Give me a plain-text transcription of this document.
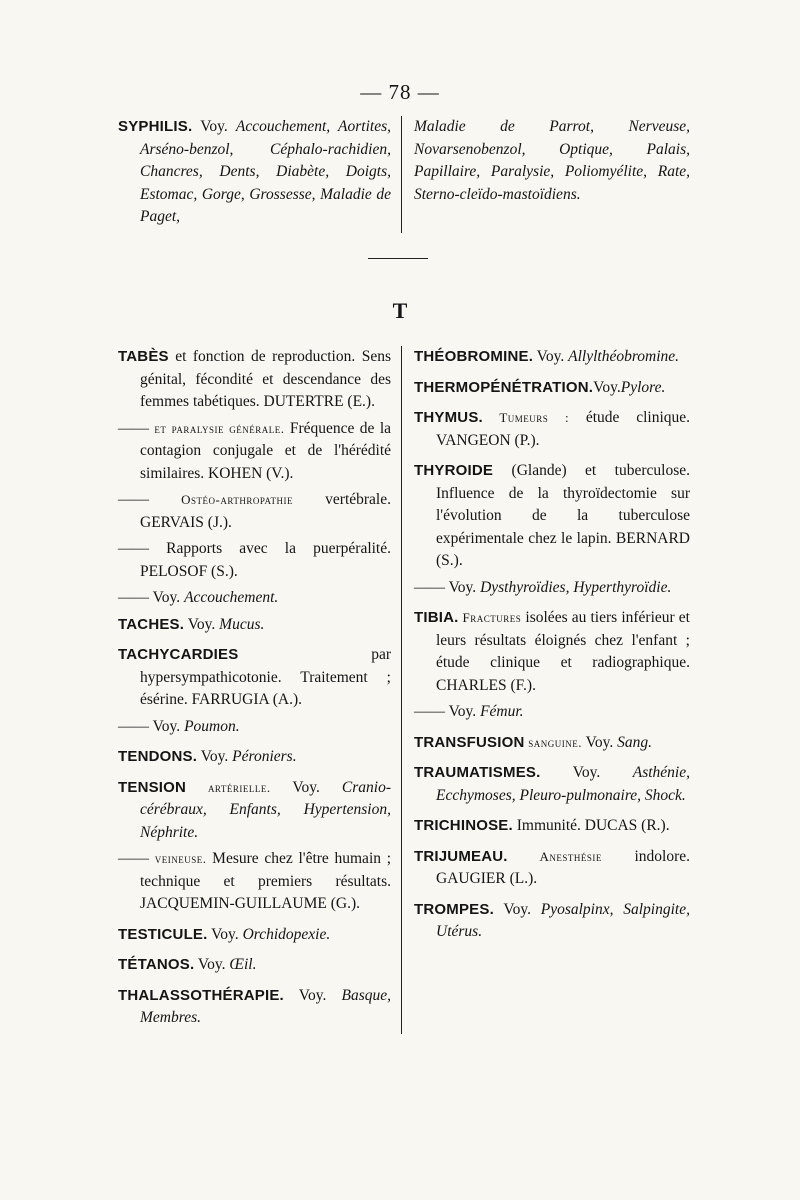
— 78 —
SYPHILIS. Voy. Accouchement, Aortites, Arséno-benzol, Céphalo-rachidien, Chancres, Dents, Diabète, Doigts, Estomac, Gorge, Grossesse, Maladie de Paget,
Maladie de Parrot, Nerveuse, Novarsenobenzol, Optique, Palais, Papillaire, Paralysie, Poliomyélite, Rate, Sterno-cleïdo-mastoïdiens.
T
TABÈS et fonction de reproduction. Sens génital, fécondité et descendance des femmes tabétiques. DUTERTRE (E.).
—— et paralysie générale. Fréquence de la contagion conjugale et de l'hérédité similaires. KOHEN (V.).
—— Ostéo-arthropathie vertébrale. GERVAIS (J.).
—— Rapports avec la puerpéralité. PELOSOF (S.).
—— Voy. Accouchement.
TACHES. Voy. Mucus.
TACHYCARDIES par hypersympathicotonie. Traitement ; ésérine. FARRUGIA (A.).
—— Voy. Poumon.
TENDONS. Voy. Péroniers.
TENSION artérielle. Voy. Cranio-cérébraux, Enfants, Hypertension, Néphrite.
—— veineuse. Mesure chez l'être humain ; technique et premiers résultats. JACQUEMIN-GUILLAUME (G.).
TESTICULE. Voy. Orchidopexie.
TÉTANOS. Voy. Œil.
THALASSOTHÉRAPIE. Voy. Basque, Membres.
THÉOBROMINE. Voy. Allylthéobromine.
THERMOPÉNÉTRATION.Voy.Pylore.
THYMUS. Tumeurs : étude clinique. VANGEON (P.).
THYROIDE (Glande) et tuberculose. Influence de la thyroïdectomie sur l'évolution de la tuberculose expérimentale chez le lapin. BERNARD (S.).
—— Voy. Dysthyroïdies, Hyperthyroïdie.
TIBIA. Fractures isolées au tiers inférieur et leurs résultats éloignés chez l'enfant ; étude clinique et radiographique. CHARLES (F.).
—— Voy. Fémur.
TRANSFUSION sanguine. Voy. Sang.
TRAUMATISMES. Voy. Asthénie, Ecchymoses, Pleuro-pulmonaire, Shock.
TRICHINOSE. Immunité. DUCAS (R.).
TRIJUMEAU. Anesthésie indolore. GAUGIER (L.).
TROMPES. Voy. Pyosalpinx, Salpingite, Utérus.
